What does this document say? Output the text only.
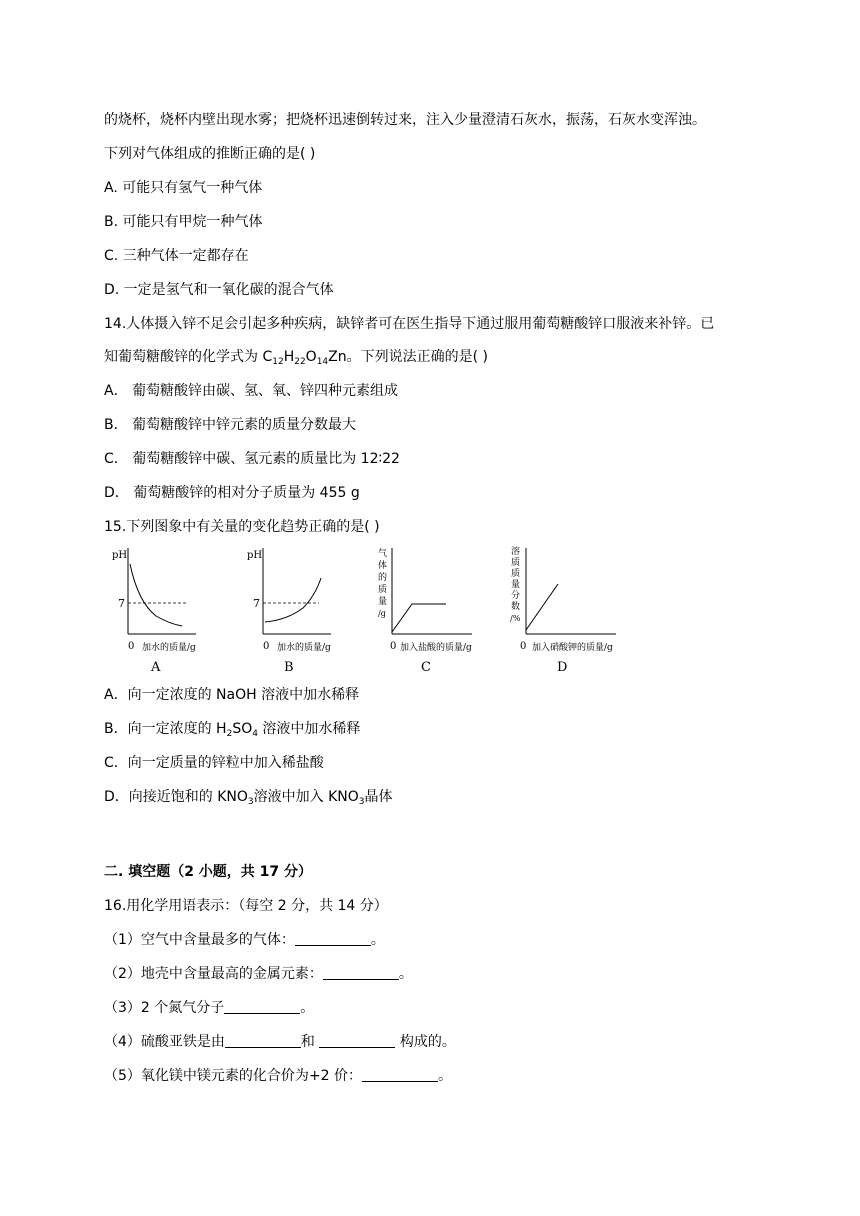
的烧杯，烧杯内壁出现水雾；把烧杯迅速倒转过来，注入少量澄清石灰水，振荡，石灰水变浑浊。
下列对气体组成的推断正确的是( )
A. 可能只有氢气一种气体
B. 可能只有甲烷一种气体
C. 三种气体一定都存在
D. 一定是氢气和一氧化碳的混合气体
14.人体摄入锌不足会引起多种疾病，缺锌者可在医生指导下通过服用葡萄糖酸锌口服液来补锌。已
知葡萄糖酸锌的化学式为 $C_{12}H_{22}O_{14}Zn$。下列说法正确的是( )
A． 葡萄糖酸锌由碳、氢、氧、锌四种元素组成
B． 葡萄糖酸锌中锌元素的质量分数最大
C． 葡萄糖酸锌中碳、氢元素的质量比为 12∶22
D． 葡萄糖酸锌的相对分子质量为 455 g
15.下列图象中有关量的变化趋势正确的是( )
pH
7
0 加水的质量/g
pH
7
0 加水的质量/g
气
体
的
质
量
/g
0 加入盐酸的质量/g
溶
质
质
量
分
数
/%
0 加入硝酸钾的质量/g
A	B	C	D
A．向一定浓度的 NaOH 溶液中加水稀释
B．向一定浓度的 $H_2SO_4$ 溶液中加水稀释
C．向一定质量的锌粒中加入稀盐酸
D．向接近饱和的 $KNO_3$溶液中加入 $KNO_3$晶体
二. 填空题（2 小题，共 17 分）
16.用化学用语表示：（每空 2 分，共 14 分）
（1）空气中含量最多的气体：	。
（2）地壳中含量最高的金属元素：	。
（3）2 个氮气分子	。
（4）硫酸亚铁是由	和	构成的。
（5）氧化镁中镁元素的化合价为+2 价：	。
